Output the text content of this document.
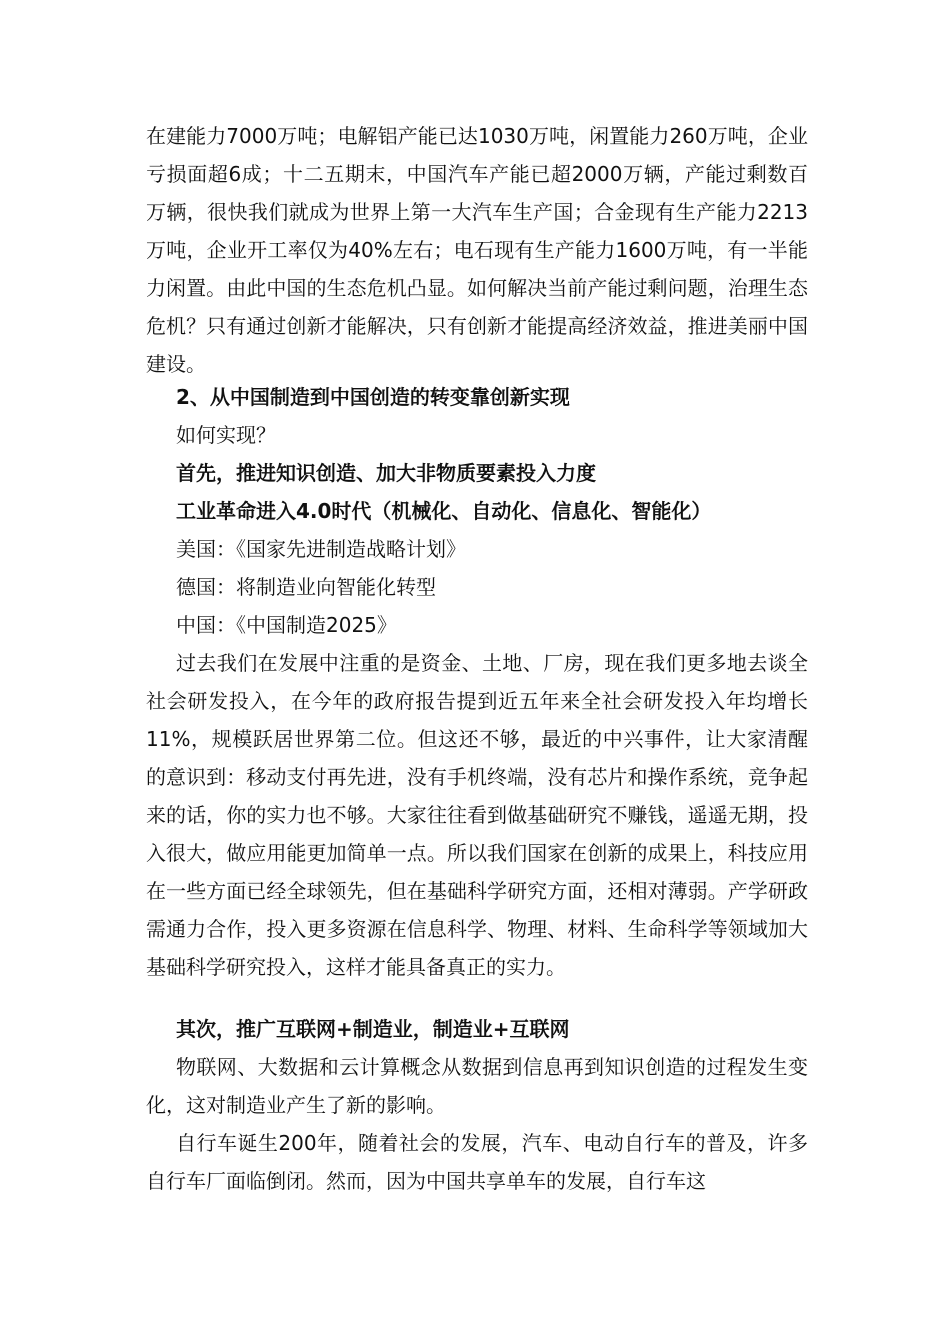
在建能力7000万吨；电解铝产能已达1030万吨，闲置能力260万吨，企业亏损面超6成；十二五期末，中国汽车产能已超2000万辆，产能过剩数百万辆，很快我们就成为世界上第一大汽车生产国；合金现有生产能力2213万吨，企业开工率仅为40%左右；电石现有生产能力1600万吨，有一半能力闲置。由此中国的生态危机凸显。如何解决当前产能过剩问题，治理生态危机？只有通过创新才能解决，只有创新才能提高经济效益，推进美丽中国建设。
2、从中国制造到中国创造的转变靠创新实现
如何实现？
首先，推进知识创造、加大非物质要素投入力度
工业革命进入4.0时代（机械化、自动化、信息化、智能化）
美国：《国家先进制造战略计划》
德国：将制造业向智能化转型
中国：《中国制造2025》
过去我们在发展中注重的是资金、土地、厂房，现在我们更多地去谈全社会研发投入，在今年的政府报告提到近五年来全社会研发投入年均增长11%，规模跃居世界第二位。但这还不够，最近的中兴事件，让大家清醒的意识到：移动支付再先进，没有手机终端，没有芯片和操作系统，竞争起来的话，你的实力也不够。大家往往看到做基础研究不赚钱，遥遥无期，投入很大，做应用能更加简单一点。所以我们国家在创新的成果上，科技应用在一些方面已经全球领先，但在基础科学研究方面，还相对薄弱。产学研政需通力合作，投入更多资源在信息科学、物理、材料、生命科学等领域加大基础科学研究投入，这样才能具备真正的实力。
其次，推广互联网+制造业，制造业+互联网
物联网、大数据和云计算概念从数据到信息再到知识创造的过程发生变化，这对制造业产生了新的影响。
自行车诞生200年，随着社会的发展，汽车、电动自行车的普及，许多自行车厂面临倒闭。然而，因为中国共享单车的发展，自行车这
